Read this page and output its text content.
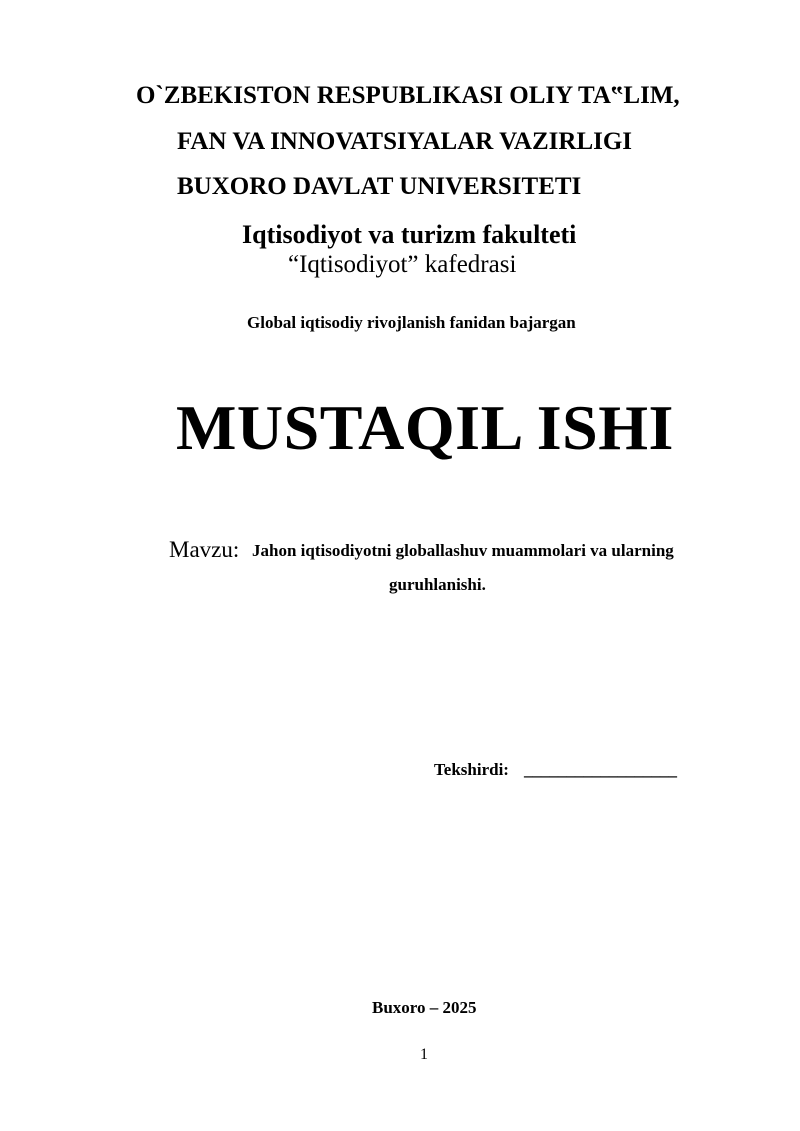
O`ZBEKISTON RESPUBLIKASI OLIY TA‟LIM,
FAN VA INNOVATSIYALAR VAZIRLIGI
BUXORO DAVLAT UNIVERSITETI
Iqtisodiyot va turizm fakulteti
“Iqtisodiyot” kafedrasi
Global iqtisodiy rivojlanish fanidan bajargan
MUSTAQIL ISHI
Mavzu: Jahon iqtisodiyotni globallashuv muammolari va ularning
guruhlanishi.
Tekshirdi: __________________
Buxoro – 2025
1
